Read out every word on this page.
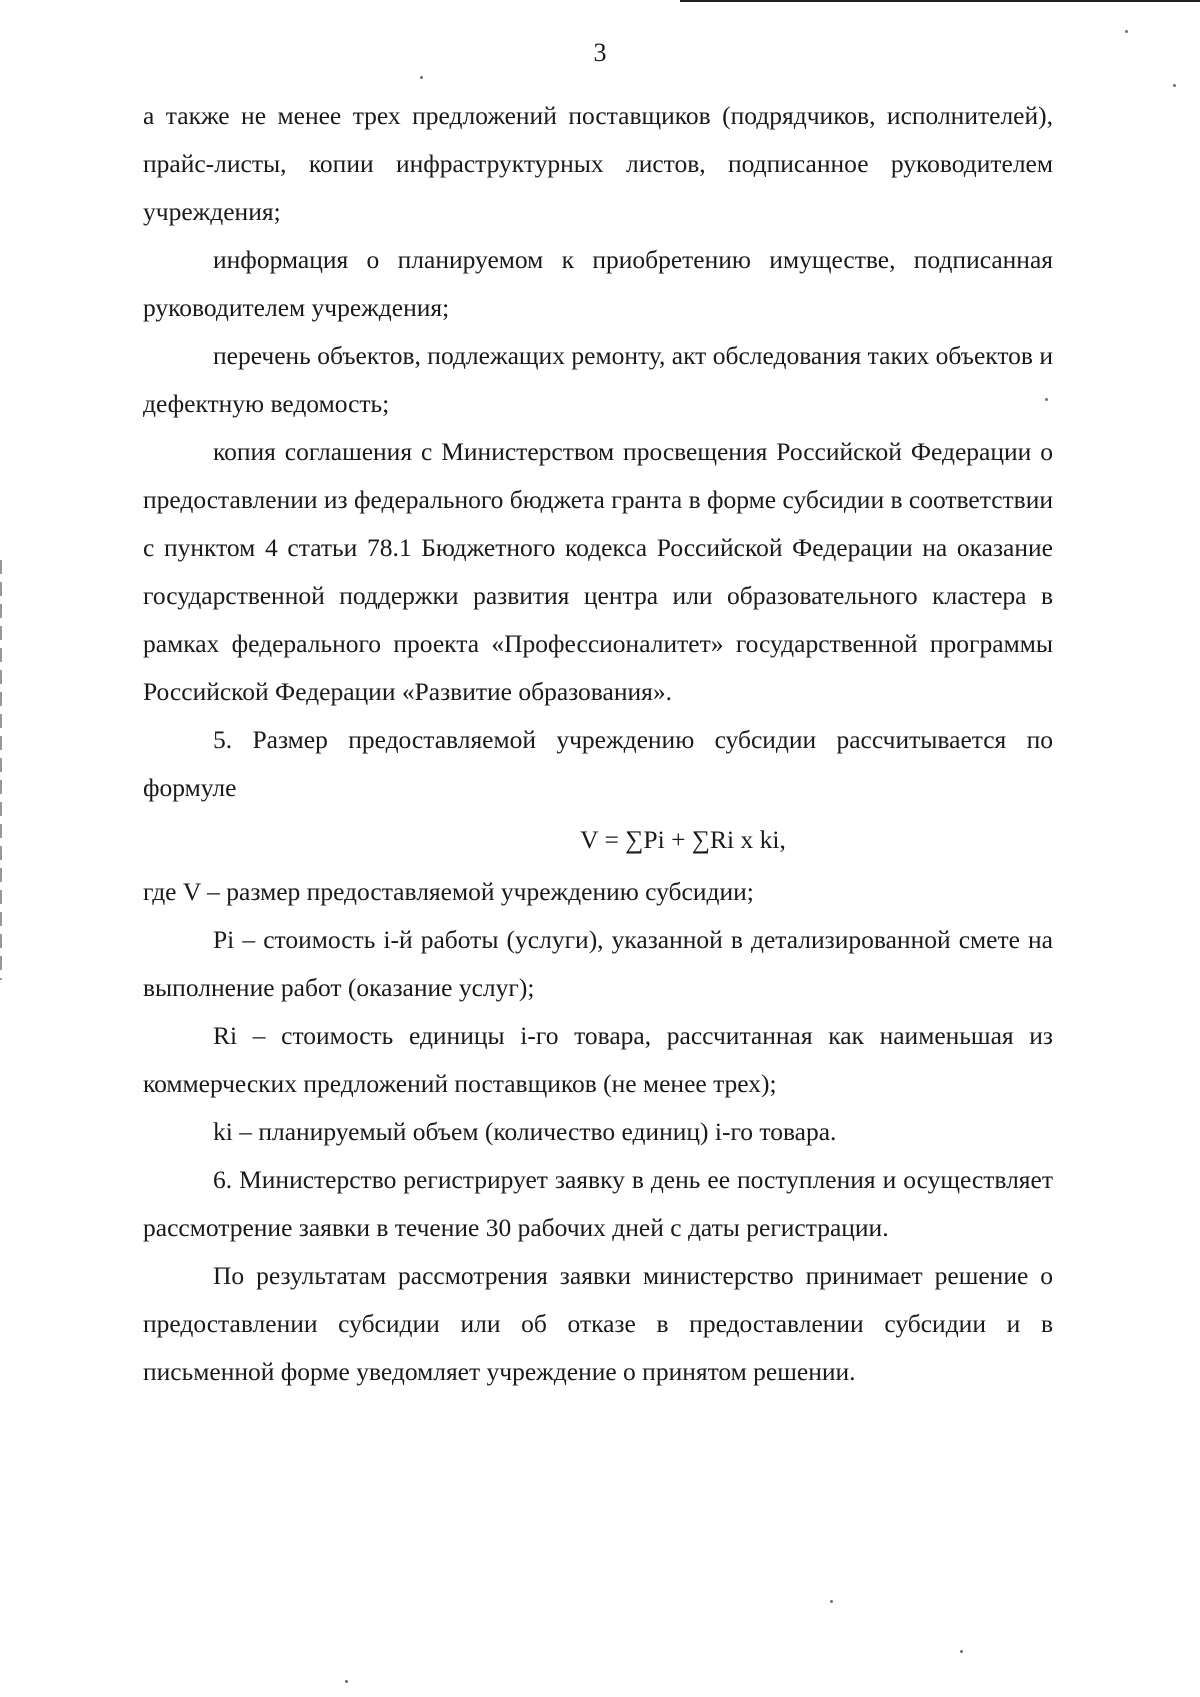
3

а также не менее трех предложений поставщиков (подрядчиков, исполнителей), прайс-листы, копии инфраструктурных листов, подписанное руководителем учреждения;

информация о планируемом к приобретению имуществе, подписанная руководителем учреждения;

перечень объектов, подлежащих ремонту, акт обследования таких объектов и дефектную ведомость;

копия соглашения с Министерством просвещения Российской Федерации о предоставлении из федерального бюджета гранта в форме субсидии в соответствии с пунктом 4 статьи 78.1 Бюджетного кодекса Российской Федерации на оказание государственной поддержки развития центра или образовательного кластера в рамках федерального проекта «Профессионалитет» государственной программы Российской Федерации «Развитие образования».

5. Размер предоставляемой учреждению субсидии рассчитывается по формуле

V = ∑Pi + ∑Ri x ki,

где V – размер предоставляемой учреждению субсидии;

Pi – стоимость i-й работы (услуги), указанной в детализированной смете на выполнение работ (оказание услуг);

Ri – стоимость единицы i-го товара, рассчитанная как наименьшая из коммерческих предложений поставщиков (не менее трех);

ki – планируемый объем (количество единиц) i-го товара.

6. Министерство регистрирует заявку в день ее поступления и осуществляет рассмотрение заявки в течение 30 рабочих дней с даты регистрации.

По результатам рассмотрения заявки министерство принимает решение о предоставлении субсидии или об отказе в предоставлении субсидии и в письменной форме уведомляет учреждение о принятом решении.
